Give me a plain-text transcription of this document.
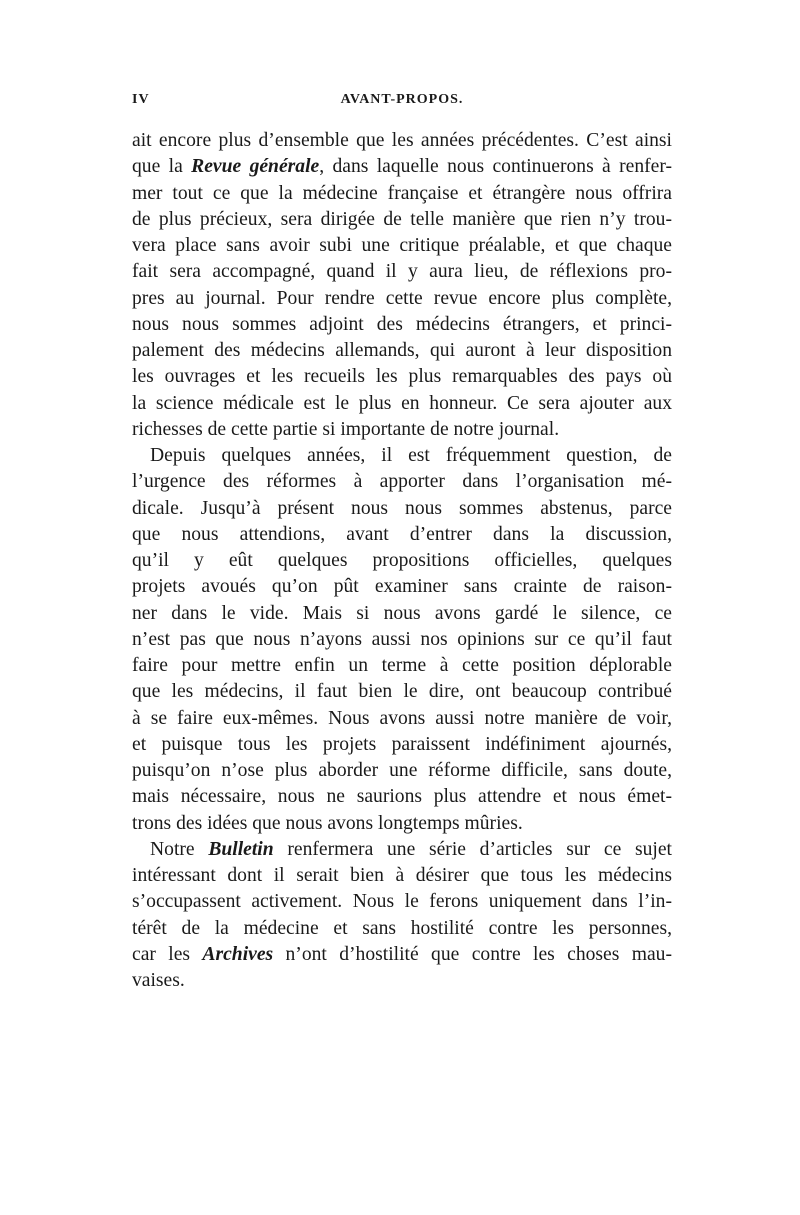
IV	AVANT-PROPOS.
ait encore plus d’ensemble que les années précédentes. C’est ainsi
que la Revue générale, dans laquelle nous continuerons à renfer-
mer tout ce que la médecine française et étrangère nous offrira
de plus précieux, sera dirigée de telle manière que rien n’y trou-
vera place sans avoir subi une critique préalable, et que chaque
fait sera accompagné, quand il y aura lieu, de réflexions pro-
pres au journal. Pour rendre cette revue encore plus complète,
nous nous sommes adjoint des médecins étrangers, et princi-
palement des médecins allemands, qui auront à leur disposition
les ouvrages et les recueils les plus remarquables des pays où
la science médicale est le plus en honneur. Ce sera ajouter aux
richesses de cette partie si importante de notre journal.
Depuis quelques années, il est fréquemment question, de
l’urgence des réformes à apporter dans l’organisation mé-
dicale. Jusqu’à présent nous nous sommes abstenus, parce
que nous attendions, avant d’entrer dans la discussion,
qu’il y eût quelques propositions officielles, quelques
projets avoués qu’on pût examiner sans crainte de raison-
ner dans le vide. Mais si nous avons gardé le silence, ce
n’est pas que nous n’ayons aussi nos opinions sur ce qu’il faut
faire pour mettre enfin un terme à cette position déplorable
que les médecins, il faut bien le dire, ont beaucoup contribué
à se faire eux-mêmes. Nous avons aussi notre manière de voir,
et puisque tous les projets paraissent indéfiniment ajournés,
puisqu’on n’ose plus aborder une réforme difficile, sans doute,
mais nécessaire, nous ne saurions plus attendre et nous émet-
trons des idées que nous avons longtemps mûries.
Notre Bulletin renfermera une série d’articles sur ce sujet
intéressant dont il serait bien à désirer que tous les médecins
s’occupassent activement. Nous le ferons uniquement dans l’in-
térêt de la médecine et sans hostilité contre les personnes,
car les Archives n’ont d’hostilité que contre les choses mau-
vaises.
